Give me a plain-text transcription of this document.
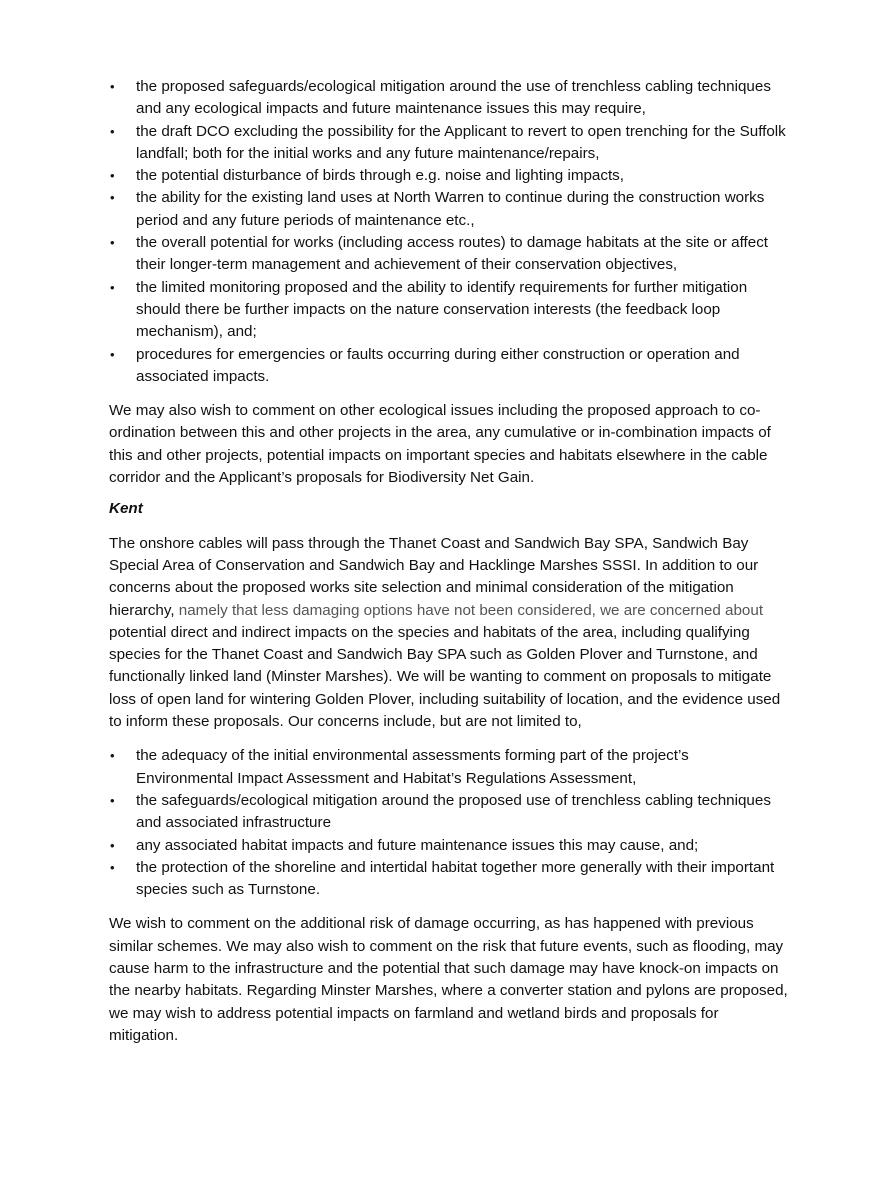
• the proposed safeguards/ecological mitigation around the use of trenchless cabling techniques and any ecological impacts and future maintenance issues this may require,
• the draft DCO excluding the possibility for the Applicant to revert to open trenching for the Suffolk landfall; both for the initial works and any future maintenance/repairs,
• the potential disturbance of birds through e.g. noise and lighting impacts,
• the ability for the existing land uses at North Warren to continue during the construction works period and any future periods of maintenance etc.,
• the overall potential for works (including access routes) to damage habitats at the site or affect their longer-term management and achievement of their conservation objectives,
• the limited monitoring proposed and the ability to identify requirements for further mitigation should there be further impacts on the nature conservation interests (the feedback loop mechanism), and;
• procedures for emergencies or faults occurring during either construction or operation and associated impacts.

We may also wish to comment on other ecological issues including the proposed approach to co-ordination between this and other projects in the area, any cumulative or in-combination impacts of this and other projects, potential impacts on important species and habitats elsewhere in the cable corridor and the Applicant’s proposals for Biodiversity Net Gain.

Kent

The onshore cables will pass through the Thanet Coast and Sandwich Bay SPA, Sandwich Bay Special Area of Conservation and Sandwich Bay and Hacklinge Marshes SSSI. In addition to our concerns about the proposed works site selection and minimal consideration of the mitigation hierarchy, namely that less damaging options have not been considered, we are concerned about potential direct and indirect impacts on the species and habitats of the area, including qualifying species for the Thanet Coast and Sandwich Bay SPA such as Golden Plover and Turnstone, and functionally linked land (Minster Marshes). We will be wanting to comment on proposals to mitigate loss of open land for wintering Golden Plover, including suitability of location, and the evidence used to inform these proposals. Our concerns include, but are not limited to,

• the adequacy of the initial environmental assessments forming part of the project’s Environmental Impact Assessment and Habitat’s Regulations Assessment,
• the safeguards/ecological mitigation around the proposed use of trenchless cabling techniques and associated infrastructure
• any associated habitat impacts and future maintenance issues this may cause, and;
• the protection of the shoreline and intertidal habitat together more generally with their important species such as Turnstone.

We wish to comment on the additional risk of damage occurring, as has happened with previous similar schemes. We may also wish to comment on the risk that future events, such as flooding, may cause harm to the infrastructure and the potential that such damage may have knock-on impacts on the nearby habitats. Regarding Minster Marshes, where a converter station and pylons are proposed, we may wish to address potential impacts on farmland and wetland birds and proposals for mitigation.
